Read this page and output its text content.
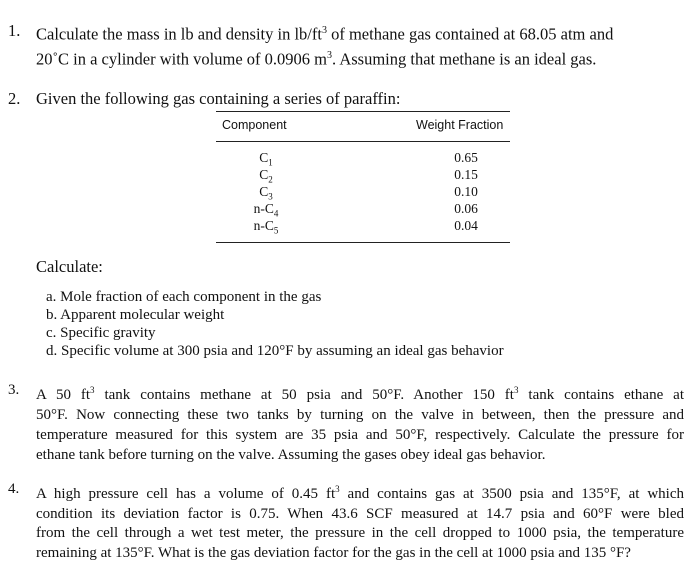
1. Calculate the mass in lb and density in $lb/ft^3$ of methane gas contained at 68.05 atm and
20˚C in a cylinder with volume of 0.0906 $m^3$. Assuming that methane is an ideal gas.
2. Given the following gas containing a series of paraffin:
Component	Weight Fraction
$C_1$
$C_2$
$C_3$
$n-C_4$
$n-C_5$
0.65
0.15
0.10
0.06
0.04
Calculate:
a. Mole fraction of each component in the gas
b. Apparent molecular weight
c. Specific gravity
d. Specific volume at 300 psia and 120°F by assuming an ideal gas behavior
3. A 50 $ft^3$ tank contains methane at 50 psia and 50°F. Another 150 $ft^3$ tank contains ethane at
50°F. Now connecting these two tanks by turning on the valve in between, then the pressure and
temperature measured for this system are 35 psia and 50°F, respectively. Calculate the pressure for
ethane tank before turning on the valve. Assuming the gases obey ideal gas behavior.
4. A high pressure cell has a volume of 0.45 $ft^3$ and contains gas at 3500 psia and 135°F, at which
condition its deviation factor is 0.75. When 43.6 SCF measured at 14.7 psia and 60°F were bled
from the cell through a wet test meter, the pressure in the cell dropped to 1000 psia, the temperature
remaining at 135°F. What is the gas deviation factor for the gas in the cell at 1000 psia and 135 °F?
